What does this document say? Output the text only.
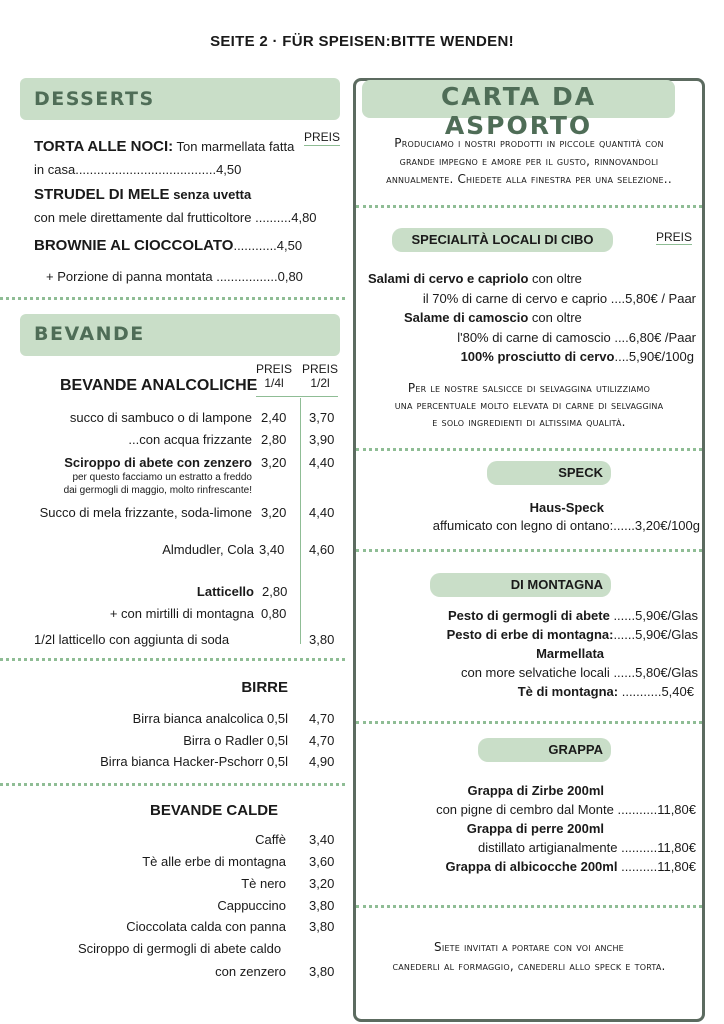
SEITE 2 · FÜR SPEISEN:BITTE WENDEN!
DESSERTS
PREIS
TORTA ALLE NOCI: Ton marmellata fatta
in casa.......................................4,50
STRUDEL DI MELE senza uvetta
con mele direttamente dal frutticoltore ..........4,80
BROWNIE AL CIOCCOLATO............4,50
+ Porzione di panna montata .................0,80
BEVANDE
PREIS
1/4l
PREIS
1/2l
BEVANDE ANALCOLICHE
succo di sambuco o di lampone 2,40 3,70
...con acqua frizzante 2,80 3,90
Sciroppo di abete con zenzero
per questo facciamo un estratto a freddo
dai germogli di maggio, molto rinfrescante!
3,20 4,40
Succo di mela frizzante, soda-limone 3,20 4,40
Almdudler, Cola 3,40 4,60
Latticello 2,80
+ con mirtilli di montagna 0,80
1/2l latticello con aggiunta di soda	3,80
BIRRE
Birra bianca analcolica 0,5l 4,70
Birra o Radler 0,5l 4,70
Birra bianca Hacker-Pschorr 0,5l 4,90
BEVANDE CALDE
Caffè 3,40
Tè alle erbe di montagna 3,60
Tè nero 3,20
Cappuccino 3,80
Cioccolata calda con panna 3,80
Sciroppo di germogli di abete caldo
con zenzero 3,80
CARTA DA ASPORTO
Produciamo i nostri prodotti in piccole quantità con
grande impegno e amore per il gusto, rinnovandoli
annualmente. Chiedete alla finestra per una selezione..
SPECIALITÀ LOCALI DI CIBO	PREIS
Salami di cervo e capriolo con oltre
il 70% di carne di cervo e caprio ....5,80€ / Paar
Salame di camoscio con oltre
l'80% di carne di camoscio ....6,80€ /Paar
100% prosciutto di cervo....5,90€/100g
Per le nostre salsicce di selvaggina utilizziamo
una percentuale molto elevata di carne di selvaggina
e solo ingredienti di altissima qualità.
SPECK
Haus-Speck
affumicato con legno di ontano:......3,20€/100g
DI MONTAGNA
Pesto di germogli di abete ......5,90€/Glas
Pesto di erbe di montagna:......5,90€/Glas
Marmellata
con more selvatiche locali ......5,80€/Glas
Tè di montagna: ...........5,40€
GRAPPA
Grappa di Zirbe 200ml
con pigne di cembro dal Monte ...........11,80€
Grappa di perre 200ml
distillato artigianalmente ..........11,80€
Grappa di albicocche 200ml ..........11,80€
Siete invitati a portare con voi anche
canederli al formaggio, canederli allo speck e torta.
